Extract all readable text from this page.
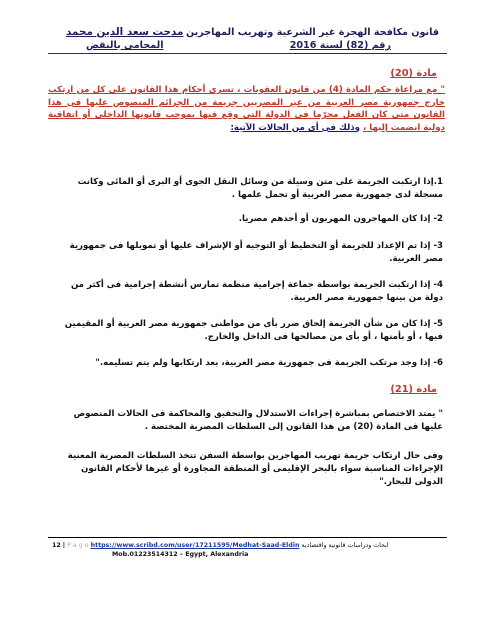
قانون مكافحة الهجرة غير الشرعية وتهريب المهاجرين
رقم (82) لسنة 2016
مدحت سعد الدين محمد
المحامى بالنقض
مادة (20)
" مع مراعاة حكم المادة (4) من قانون العقوبات ، تسرى أحكام هذا القانون على كل من ارتكب خارج جمهورية مصر العربية من غير المصريين جريمة من الجرائم المنصوص عليها فى هذا القانون متى كان الفعل مجرّما فى الدولة التى وقع فيها بموجب قانونها الداخلى أو اتفاقية دولية انضمت إليها ، وذلك فى أى من الحالات الآتية:
1.إذا ارتكبت الجريمة على متن وسيلة من وسائل النقل الجوى أو البرى أو المائى وكانت مسجلة لدى جمهورية مصر العربية أو تحمل علمها .
2- إذا كان المهاجرون المهربون أو أحدهم مصريا.
3- إذا تم الإعداد للجريمة أو التخطيط أو التوجيه أو الإشراف عليها أو تمويلها فى جمهورية مصر العربية.
4- إذا ارتكبت الجريمة بواسطة جماعة إجرامية منظمة تمارس أنشطة إجرامية فى أكثر من دولة من بينها جمهورية مصر العربية.
5- إذا كان من شأن الجريمة إلحاق ضرر بأى من مواطنى جمهورية مصر العربية أو المقيمين فيها ، أو بأمنها ، أو بأى من مصالحها فى الداخل والخارج.
6- إذا وجد مرتكب الجريمة فى جمهورية مصر العربية، بعد ارتكابها ولم يتم تسليمه."
مادة (21)
" يمتد الاختصاص بمباشرة إجراءات الاستدلال والتحقيق والمحاكمة فى الحالات المنصوص عليها فى المادة (20) من هذا القانون إلى السلطات المصرية المختصة .
وفى حال ارتكاب جريمة تهريب المهاجرين بواسطة السفن تتخذ السلطات المصرية المعنية الإجراءات المناسبة سواء بالبحر الإقليمى أو المنطقة المجاورة أو غيرها لأحكام القانون الدولى للبحار."
12 | P a g e https://www.scribd.com/user/17211595/Medhat-Saad-Eldin ابحاث ودراسات قانونية واقتصادية
Mob.01223514312 – Egypt, Alexandria
